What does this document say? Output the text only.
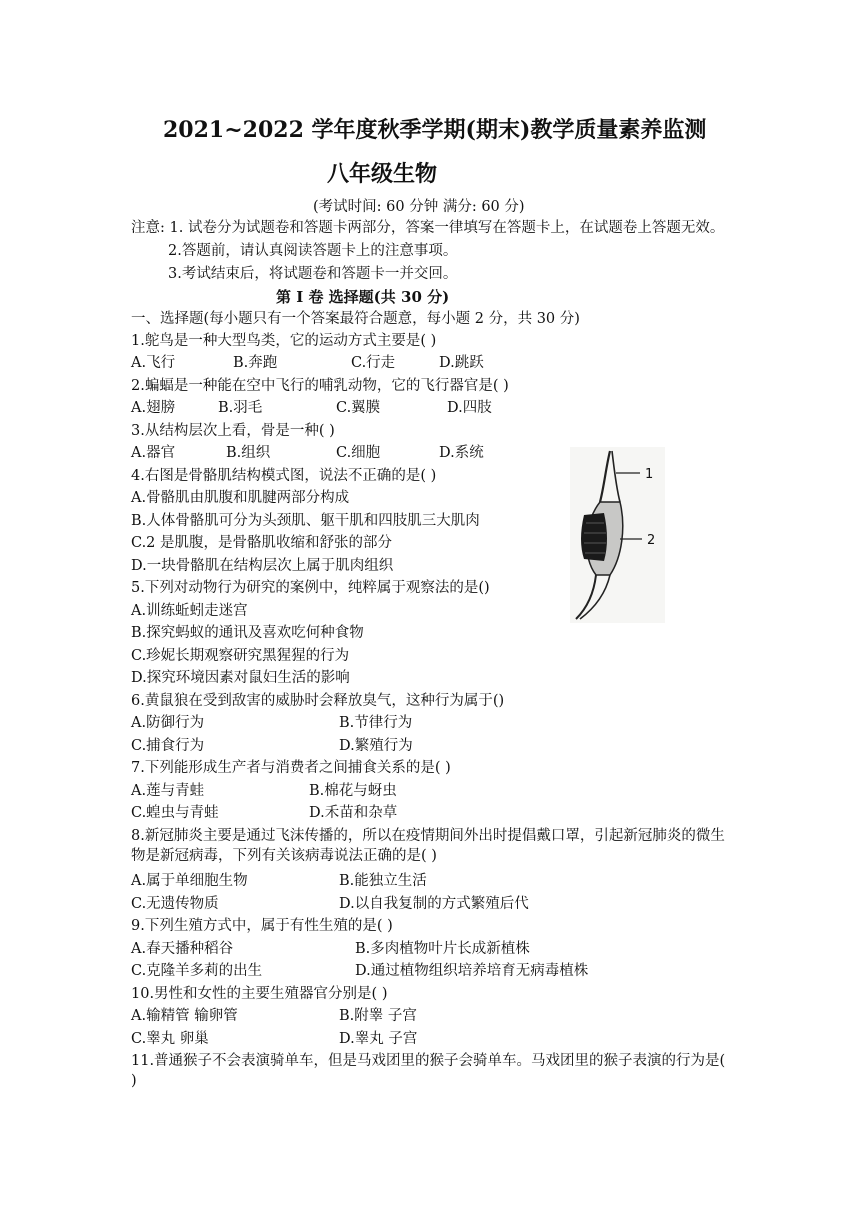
2021~2022 学年度秋季学期(期末)教学质量素养监测
八年级生物
(考试时间: 60 分钟 满分: 60 分)
注意: 1. 试卷分为试题卷和答题卡两部分，答案一律填写在答题卡上，在试题卷上答题无效。
2.答题前，请认真阅读答题卡上的注意事项。
3.考试结束后，将试题卷和答题卡一并交回。
第 I 卷 选择题(共 30 分)
一、选择题(每小题只有一个答案最符合题意，每小题 2 分，共 30 分)
1.鸵鸟是一种大型鸟类，它的运动方式主要是( )
A.飞行	B.奔跑	C.行走	D.跳跃
2.蝙蝠是一种能在空中飞行的哺乳动物，它的飞行器官是( )
A.翅膀	B.羽毛	C.翼膜	D.四肢
3.从结构层次上看，骨是一种( )
A.器官	B.组织	C.细胞	D.系统
4.右图是骨骼肌结构模式图，说法不正确的是( )
A.骨骼肌由肌腹和肌腱两部分构成
B.人体骨骼肌可分为头颈肌、躯干肌和四肢肌三大肌肉
C.2 是肌腹，是骨骼肌收缩和舒张的部分
D.一块骨骼肌在结构层次上属于肌肉组织
1
2
5.下列对动物行为研究的案例中，纯粹属于观察法的是()
A.训练蚯蚓走迷宫
B.探究蚂蚁的通讯及喜欢吃何种食物
C.珍妮长期观察研究黑猩猩的行为
D.探究环境因素对鼠妇生活的影响
6.黄鼠狼在受到敌害的威胁时会释放臭气，这种行为属于()
A.防御行为	B.节律行为
C.捕食行为	D.繁殖行为
7.下列能形成生产者与消费者之间捕食关系的是( )
A.莲与青蛙	B.棉花与蚜虫
C.蝗虫与青蛙	D.禾苗和杂草
8.新冠肺炎主要是通过飞沫传播的，所以在疫情期间外出时提倡戴口罩，引起新冠肺炎的微生物是新冠病毒，下列有关该病毒说法正确的是( )
A.属于单细胞生物	B.能独立生活
C.无遗传物质	D.以自我复制的方式繁殖后代
9.下列生殖方式中，属于有性生殖的是( )
A.春天播种稻谷	B.多肉植物叶片长成新植株
C.克隆羊多莉的出生	D.通过植物组织培养培育无病毒植株
10.男性和女性的主要生殖器官分别是( )
A.输精管 输卵管	B.附睾 子宫
C.睾丸 卵巢	D.睾丸 子宫
11.普通猴子不会表演骑单车，但是马戏团里的猴子会骑单车。马戏团里的猴子表演的行为是( )
